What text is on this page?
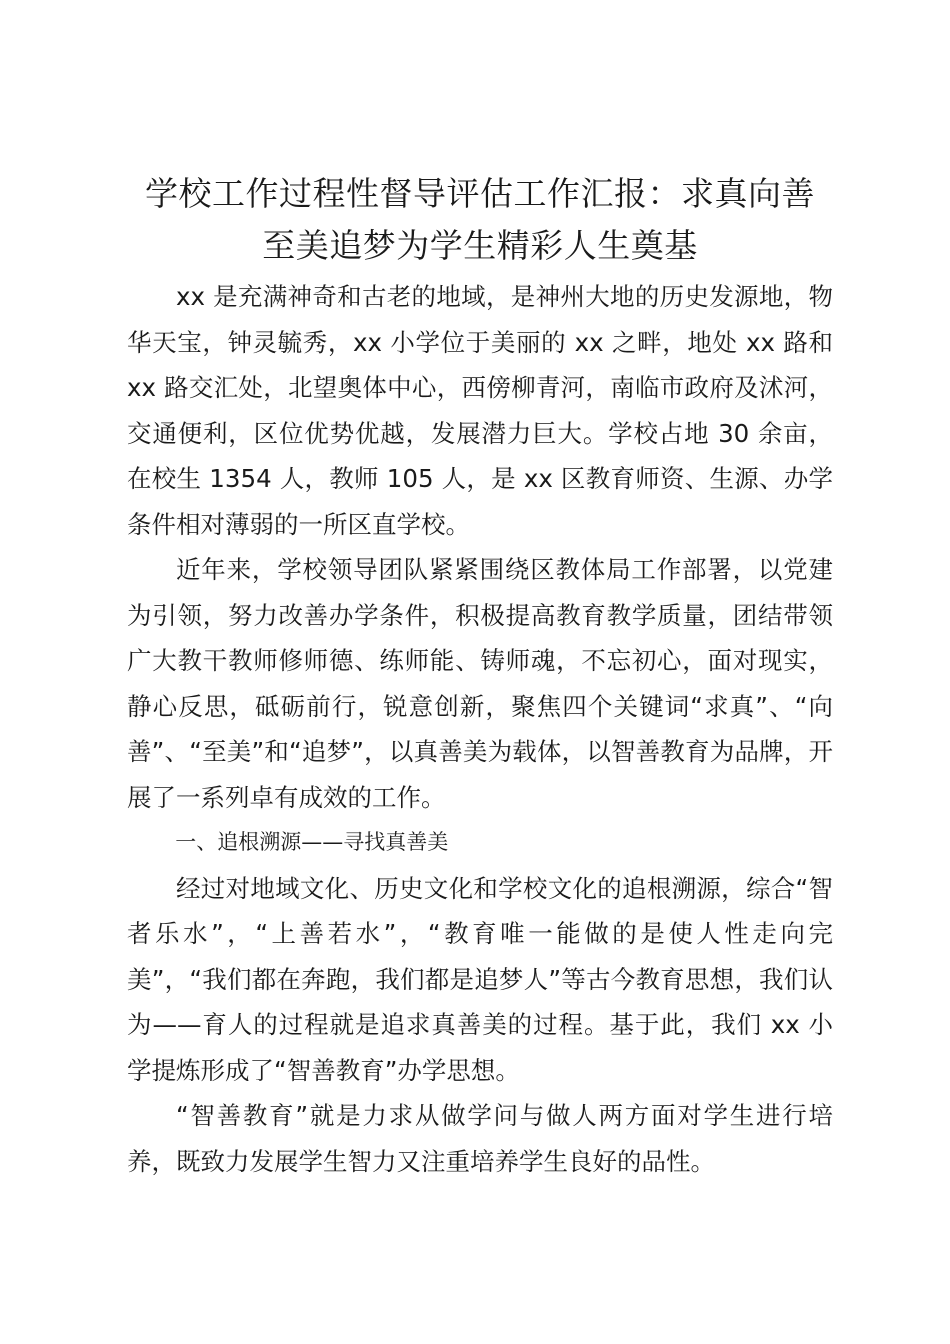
学校工作过程性督导评估工作汇报：求真向善
至美追梦为学生精彩人生奠基

xx 是充满神奇和古老的地域，是神州大地的历史发源地，物华天宝，钟灵毓秀，xx 小学位于美丽的 xx 之畔，地处 xx 路和 xx 路交汇处，北望奥体中心，西傍柳青河，南临市政府及沭河，交通便利，区位优势优越，发展潜力巨大。学校占地 30 余亩，在校生 1354 人，教师 105 人，是 xx 区教育师资、生源、办学条件相对薄弱的一所区直学校。

近年来，学校领导团队紧紧围绕区教体局工作部署，以党建为引领，努力改善办学条件，积极提高教育教学质量，团结带领广大教干教师修师德、练师能、铸师魂，不忘初心，面对现实，静心反思，砥砺前行，锐意创新，聚焦四个关键词“求真”、“向善”、“至美”和“追梦”，以真善美为载体，以智善教育为品牌，开展了一系列卓有成效的工作。

一、追根溯源——寻找真善美

经过对地域文化、历史文化和学校文化的追根溯源，综合“智者乐水”，“上善若水”，“教育唯一能做的是使人性走向完美”，“我们都在奔跑，我们都是追梦人”等古今教育思想，我们认为——育人的过程就是追求真善美的过程。基于此，我们 xx 小学提炼形成了“智善教育”办学思想。

“智善教育”就是力求从做学问与做人两方面对学生进行培养，既致力发展学生智力又注重培养学生良好的品性。
